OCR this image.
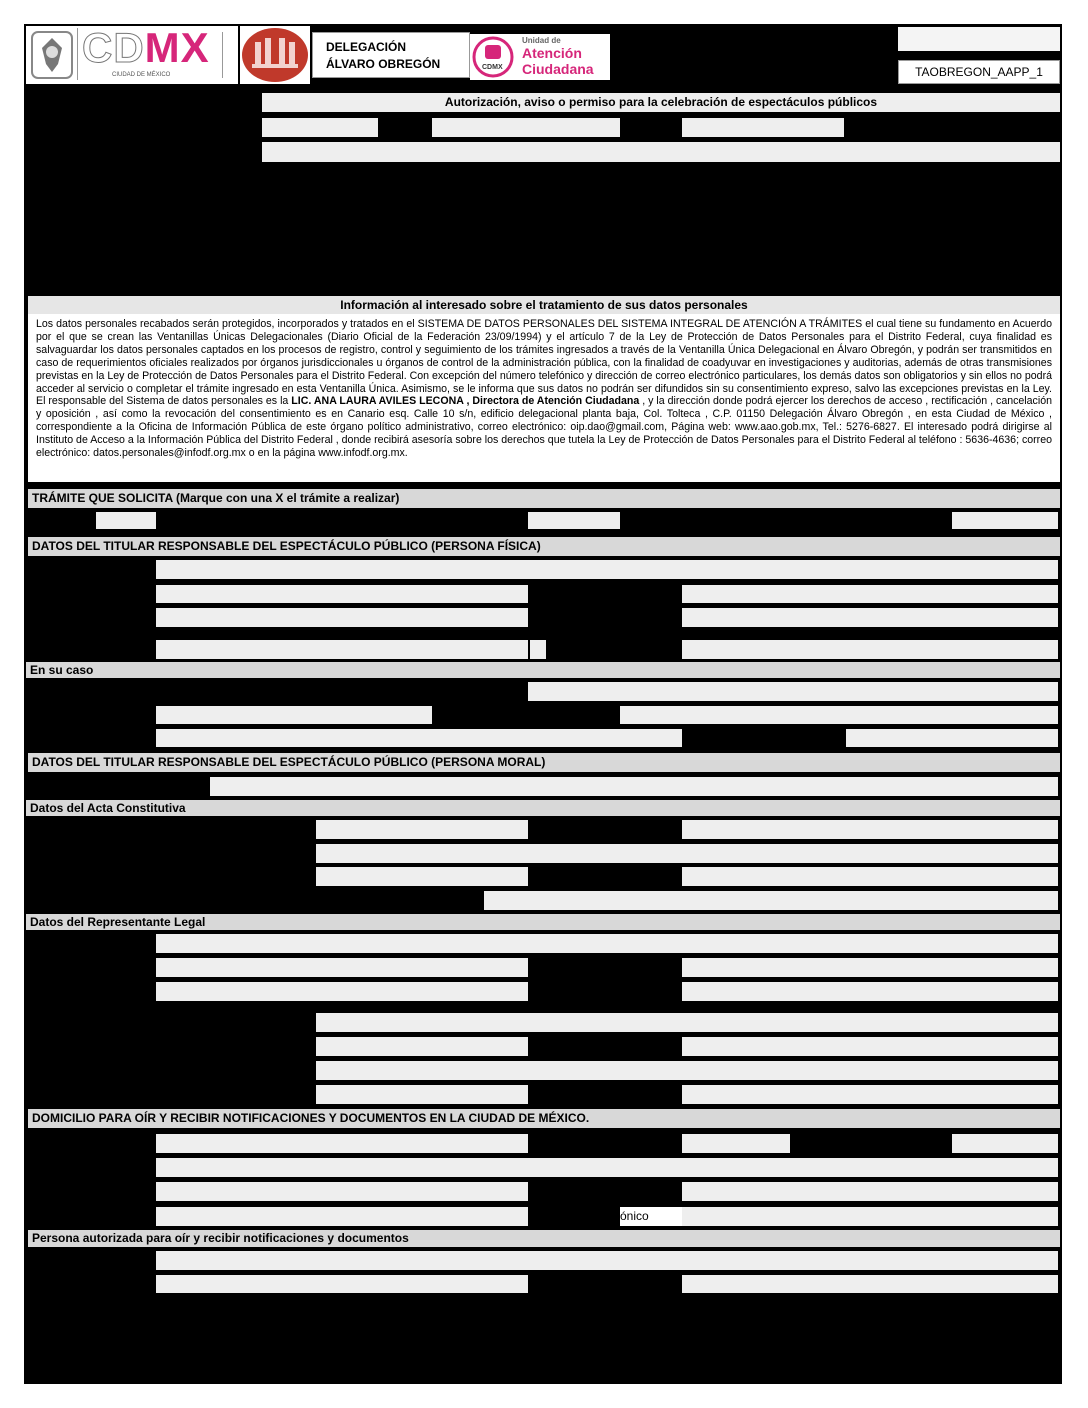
CDMX
CIUDAD DE MÉXICO
DELEGACIÓN
ÁLVARO OBREGÓN	CDMX
Unidad de
Atención
Ciudadana	TAOBREGON_AAPP_1
Autorización, aviso o permiso para la celebración de espectáculos públicos
Información al interesado sobre el tratamiento de sus datos personales
Los datos personales recabados serán protegidos, incorporados y tratados en el SISTEMA DE DATOS PERSONALES DEL SISTEMA INTEGRAL DE ATENCIÓN A TRÁMITES el cual tiene su fundamento en Acuerdo por el que se crean las Ventanillas Únicas Delegacionales (Diario Oficial de la Federación 23/09/1994) y el artículo 7 de la Ley de Protección de Datos Personales para el Distrito Federal, cuya finalidad es salvaguardar los datos personales captados en los procesos de registro, control y seguimiento de los trámites ingresados a través de la Ventanilla Única Delegacional en Álvaro Obregón, y podrán ser transmitidos en caso de requerimientos oficiales realizados por órganos jurisdiccionales u órganos de control de la administración pública, con la finalidad de coadyuvar en investigaciones y auditorias, además de otras transmisiones previstas en la Ley de Protección de Datos Personales para el Distrito Federal. Con excepción del número telefónico y dirección de correo electrónico particulares, los demás datos son obligatorios y sin ellos no podrá acceder al servicio o completar el trámite ingresado en esta Ventanilla Única. Asimismo, se le informa que sus datos no podrán ser difundidos sin su consentimiento expreso, salvo las excepciones previstas en la Ley. El responsable del Sistema de datos personales es la LIC. ANA LAURA AVILES LECONA , Directora de Atención Ciudadana , y la dirección donde podrá ejercer los derechos de acceso , rectificación , cancelación y oposición , así como la revocación del consentimiento es en Canario esq. Calle 10 s/n, edificio delegacional planta baja, Col. Tolteca , C.P. 01150 Delegación Álvaro Obregón , en esta Ciudad de México , correspondiente a la Oficina de Información Pública de este órgano político administrativo, correo electrónico: oip.dao@gmail.com, Página web: www.aao.gob.mx, Tel.: 5276-6827. El interesado podrá dirigirse al Instituto de Acceso a la Información Pública del Distrito Federal , donde recibirá asesoría sobre los derechos que tutela la Ley de Protección de Datos Personales para el Distrito Federal al teléfono : 5636-4636; correo electrónico: datos.personales@infodf.org.mx o en la página www.infodf.org.mx.
TRÁMITE QUE SOLICITA (Marque con una X el trámite a realizar)
DATOS DEL TITULAR RESPONSABLE DEL ESPECTÁCULO PÚBLICO (PERSONA FÍSICA)
En su caso
DATOS DEL TITULAR RESPONSABLE DEL ESPECTÁCULO PÚBLICO (PERSONA MORAL)
Datos del Acta Constitutiva
Datos del Representante Legal
DOMICILIO PARA OÍR Y RECIBIR NOTIFICACIONES Y DOCUMENTOS EN LA CIUDAD DE MÉXICO.
ónico
Persona autorizada para oír y recibir notificaciones y documentos
